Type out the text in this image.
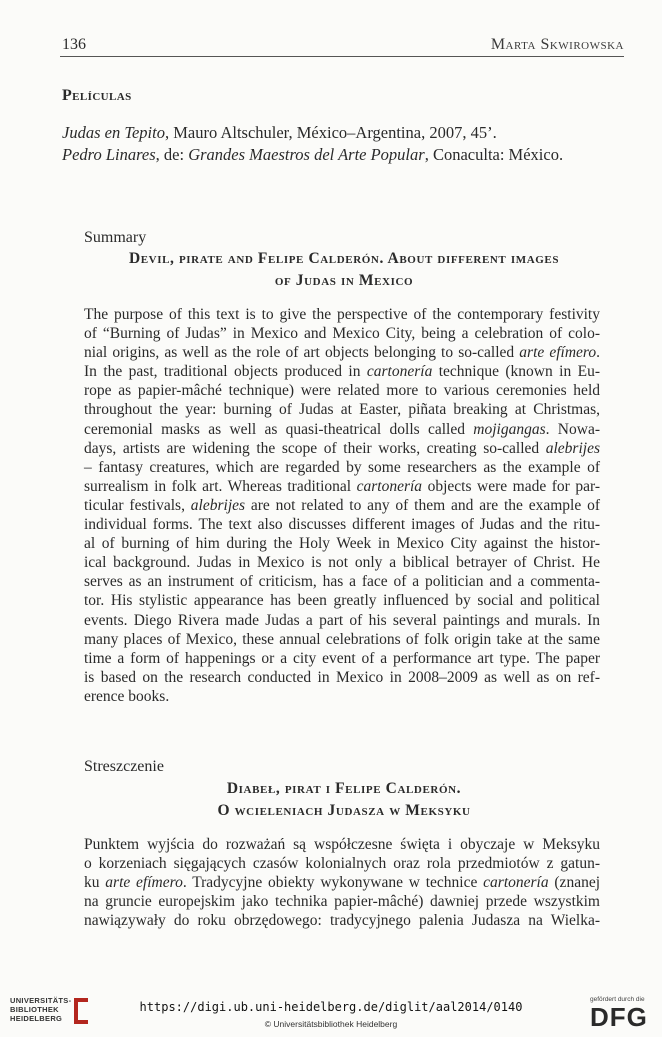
136	Marta Skwirowska
Películas
Judas en Tepito, Mauro Altschuler, México–Argentina, 2007, 45’.
Pedro Linares, de: Grandes Maestros del Arte Popular, Conaculta: México.
Summary
Devil, pirate and Felipe Calderón. About different images
of Judas in Mexico
The purpose of this text is to give the perspective of the contemporary festivity
of “Burning of Judas” in Mexico and Mexico City, being a celebration of colo-
nial origins, as well as the role of art objects belonging to so-called arte efímero.
In the past, traditional objects produced in cartonería technique (known in Eu-
rope as papier-mâché technique) were related more to various ceremonies held
throughout the year: burning of Judas at Easter, piñata breaking at Christmas,
ceremonial masks as well as quasi-theatrical dolls called mojigangas. Nowa-
days, artists are widening the scope of their works, creating so-called alebrijes
– fantasy creatures, which are regarded by some researchers as the example of
surrealism in folk art. Whereas traditional cartonería objects were made for par-
ticular festivals, alebrijes are not related to any of them and are the example of
individual forms. The text also discusses different images of Judas and the ritu-
al of burning of him during the Holy Week in Mexico City against the histor-
ical background. Judas in Mexico is not only a biblical betrayer of Christ. He
serves as an instrument of criticism, has a face of a politician and a commenta-
tor. His stylistic appearance has been greatly influenced by social and political
events. Diego Rivera made Judas a part of his several paintings and murals. In
many places of Mexico, these annual celebrations of folk origin take at the same
time a form of happenings or a city event of a performance art type. The paper
is based on the research conducted in Mexico in 2008–2009 as well as on ref-
erence books.
Streszczenie
Diabeł, pirat i Felipe Calderón.
O wcieleniach Judasza w Meksyku
Punktem wyjścia do rozważań są współczesne święta i obyczaje w Meksyku
o korzeniach sięgających czasów kolonialnych oraz rola przedmiotów z gatun-
ku arte efímero. Tradycyjne obiekty wykonywane w technice cartonería (znanej
na gruncie europejskim jako technika papier-mâché) dawniej przede wszystkim
nawiązywały do roku obrzędowego: tradycyjnego palenia Judasza na Wielka-
UNIVERSITÄTS-
BIBLIOTHEK
HEIDELBERG
https://digi.ub.uni-heidelberg.de/diglit/aal2014/0140
© Universitätsbibliothek Heidelberg
gefördert durch die
DFG
